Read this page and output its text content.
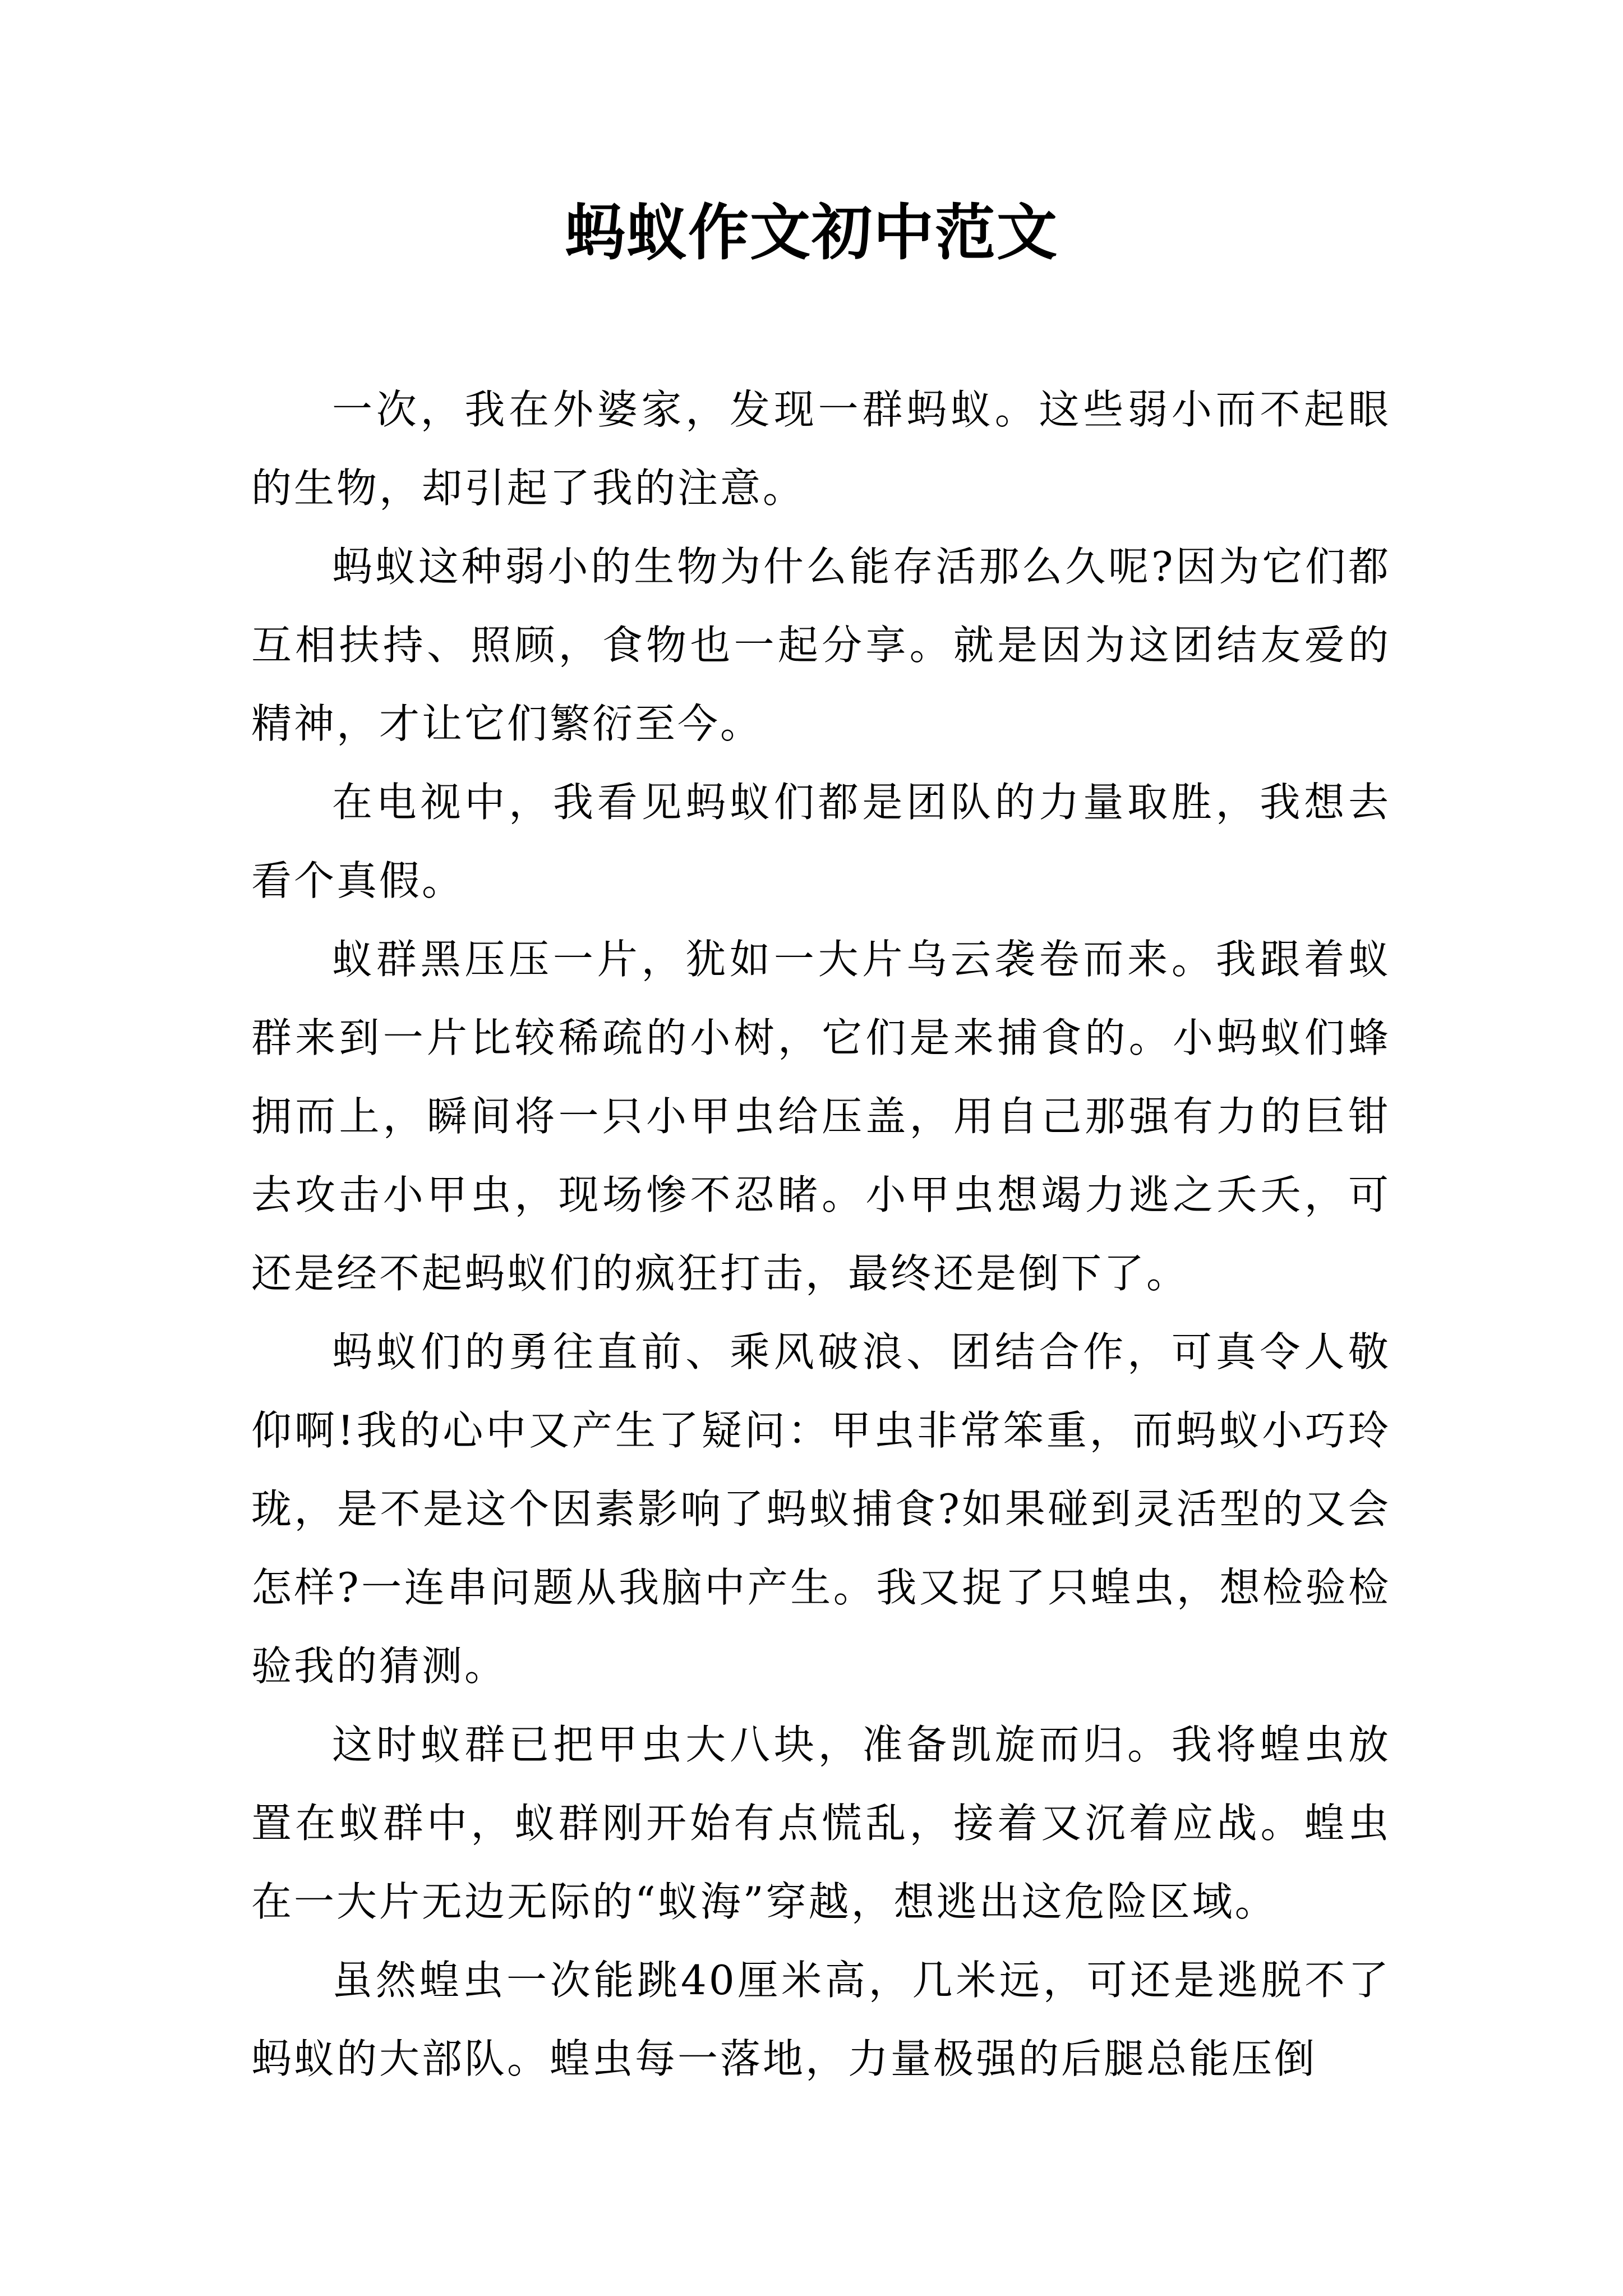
蚂蚁作文初中范文

一次，我在外婆家，发现一群蚂蚁。这些弱小而不起眼的生物，却引起了我的注意。

蚂蚁这种弱小的生物为什么能存活那么久呢?因为它们都互相扶持、照顾，食物也一起分享。就是因为这团结友爱的精神，才让它们繁衍至今。

在电视中，我看见蚂蚁们都是团队的力量取胜，我想去看个真假。

蚁群黑压压一片，犹如一大片乌云袭卷而来。我跟着蚁群来到一片比较稀疏的小树，它们是来捕食的。小蚂蚁们蜂拥而上，瞬间将一只小甲虫给压盖，用自己那强有力的巨钳去攻击小甲虫，现场惨不忍睹。小甲虫想竭力逃之夭夭，可还是经不起蚂蚁们的疯狂打击，最终还是倒下了。

蚂蚁们的勇往直前、乘风破浪、团结合作，可真令人敬仰啊!我的心中又产生了疑问：甲虫非常笨重，而蚂蚁小巧玲珑，是不是这个因素影响了蚂蚁捕食?如果碰到灵活型的又会怎样?一连串问题从我脑中产生。我又捉了只蝗虫，想检验检验我的猜测。

这时蚁群已把甲虫大八块，准备凯旋而归。我将蝗虫放置在蚁群中，蚁群刚开始有点慌乱，接着又沉着应战。蝗虫在一大片无边无际的“蚁海”穿越，想逃出这危险区域。

虽然蝗虫一次能跳40厘米高，几米远，可还是逃脱不了蚂蚁的大部队。蝗虫每一落地，力量极强的后腿总能压倒
